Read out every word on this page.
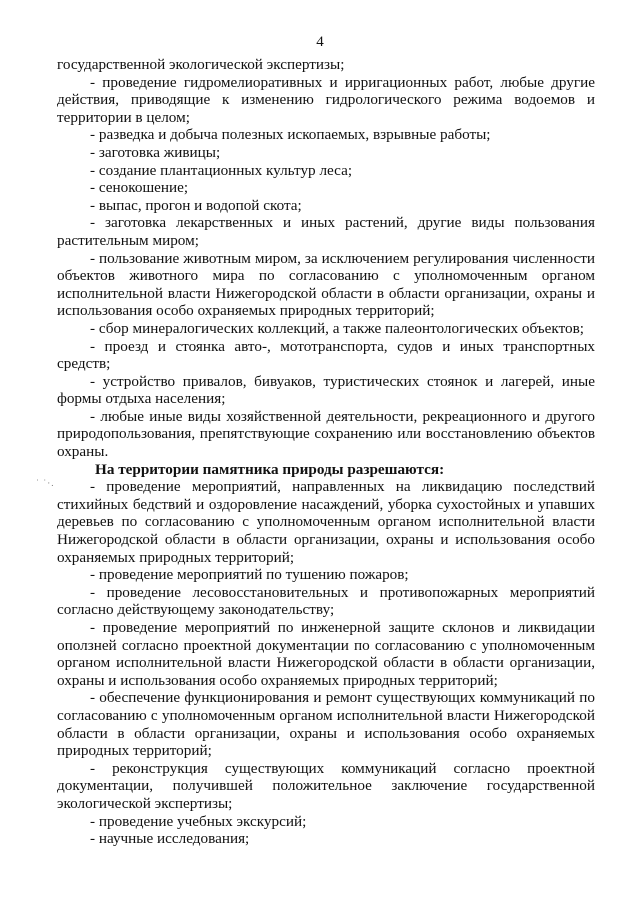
4
˙ ˙·.

государственной экологической экспертизы;

- проведение гидромелиоративных и ирригационных работ, любые другие действия, приводящие к изменению гидрологического режима водоемов и территории в целом;

- разведка и добыча полезных ископаемых, взрывные работы;

- заготовка живицы;

- создание плантационных культур леса;

- сенокошение;

- выпас, прогон и водопой скота;

- заготовка лекарственных и иных растений, другие виды пользования растительным миром;

- пользование животным миром, за исключением регулирования численности объектов животного мира по согласованию с уполномоченным органом исполнительной власти Нижегородской области в области организации, охраны и использования особо охраняемых природных территорий;

- сбор минералогических коллекций, а также палеонтологических объектов;

- проезд и стоянка авто-, мототранспорта, судов и иных транспортных средств;

- устройство привалов, бивуаков, туристических стоянок и лагерей, иные формы отдыха населения;

- любые иные виды хозяйственной деятельности, рекреационного и другого природопользования, препятствующие сохранению или восстановлению объектов охраны.

На территории памятника природы разрешаются:

- проведение мероприятий, направленных на ликвидацию последствий стихийных бедствий и оздоровление насаждений, уборка сухостойных и упавших деревьев по согласованию с уполномоченным органом исполнительной власти Нижегородской области в области организации, охраны и использования особо охраняемых природных территорий;

- проведение мероприятий по тушению пожаров;

- проведение лесовосстановительных и противопожарных мероприятий согласно действующему законодательству;

- проведение мероприятий по инженерной защите склонов и ликвидации оползней согласно проектной документации по согласованию с уполномоченным органом исполнительной власти Нижегородской области в области организации, охраны и использования особо охраняемых природных территорий;

- обеспечение функционирования и ремонт существующих коммуникаций по согласованию с уполномоченным органом исполнительной власти Нижегородской области в области организации, охраны и использования особо охраняемых природных территорий;

- реконструкция существующих коммуникаций согласно проектной документации, получившей положительное заключение государственной экологической экспертизы;

- проведение учебных экскурсий;

- научные исследования;
